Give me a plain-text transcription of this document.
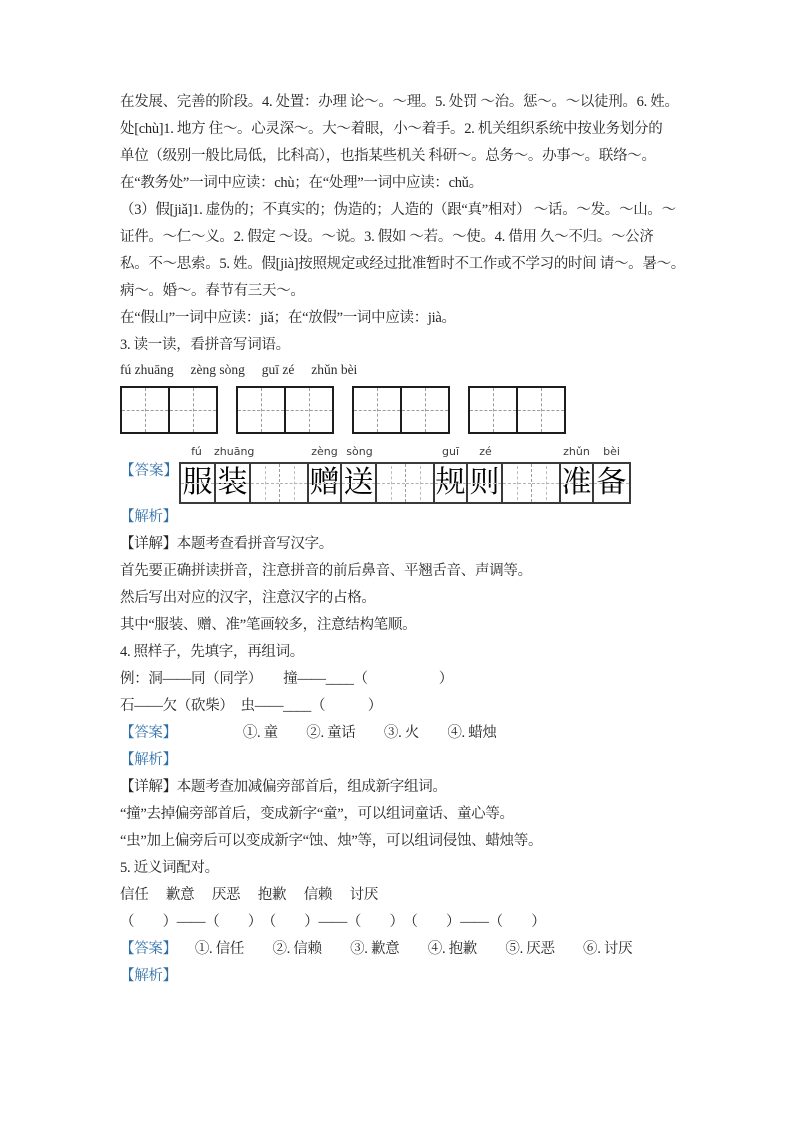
在发展、完善的阶段。4. 处置：办理 论～。～理。5. 处罚 ～治。惩～。～以徒刑。6. 姓。

处[chù]1. 地方 住～。心灵深～。大～着眼，小～着手。2. 机关组织系统中按业务划分的

单位（级别一般比局低，比科高），也指某些机关 科研～。总务～。办事～。联络～。

在“教务处”一词中应读：chù；在“处理”一词中应读：chǔ。

（3）假[jiǎ]1. 虚伪的；不真实的；伪造的；人造的（跟“真”相对） ～话。～发。～山。～

证件。～仁～义。2. 假定 ～设。～说。3. 假如 ～若。～使。4. 借用 久～不归。～公济

私。不～思索。5. 姓。假[jià]按照规定或经过批准暂时不工作或不学习的时间 请～。暑～。

病～。婚～。春节有三天～。

在“假山”一词中应读：jiǎ；在“放假”一词中应读：jià。

3. 读一读，看拼音写词语。

fú zhuāng　 zèng sòng　 guī zé　 zhǔn bèi

【答案】
fú	zhuāng
服 装
zèng sòng
赠 送
guī	zé
规 则
zhǔn	bèi
准 备

【解析】

【详解】本题考查看拼音写汉字。

首先要正确拼读拼音，注意拼音的前后鼻音、平翘舌音、声调等。

然后写出对应的汉字，注意汉字的占格。

其中“服装、赠、准”笔画较多，注意结构笔顺。

4. 照样子，先填字，再组词。

例：洞——同（同学）　　撞——____（　　　　　）

石——欠（砍柴）　虫——____（　　　）

【答案】	①. 童　　②. 童话　　③. 火　　④. 蜡烛

【解析】

【详解】本题考查加减偏旁部首后，组成新字组词。

“撞”去掉偏旁部首后，变成新字“童”，可以组词童话、童心等。

“虫”加上偏旁后可以变成新字“蚀、烛”等，可以组词侵蚀、蜡烛等。

5. 近义词配对。

信任　 歉意　 厌恶　 抱歉　 信赖　 讨厌

（　　）——（　　）　（　　）——（　　）　（　　）——（　　）

【答案】 ①. 信任　　②. 信赖　　③. 歉意　　④. 抱歉　　⑤. 厌恶　　⑥. 讨厌

【解析】
